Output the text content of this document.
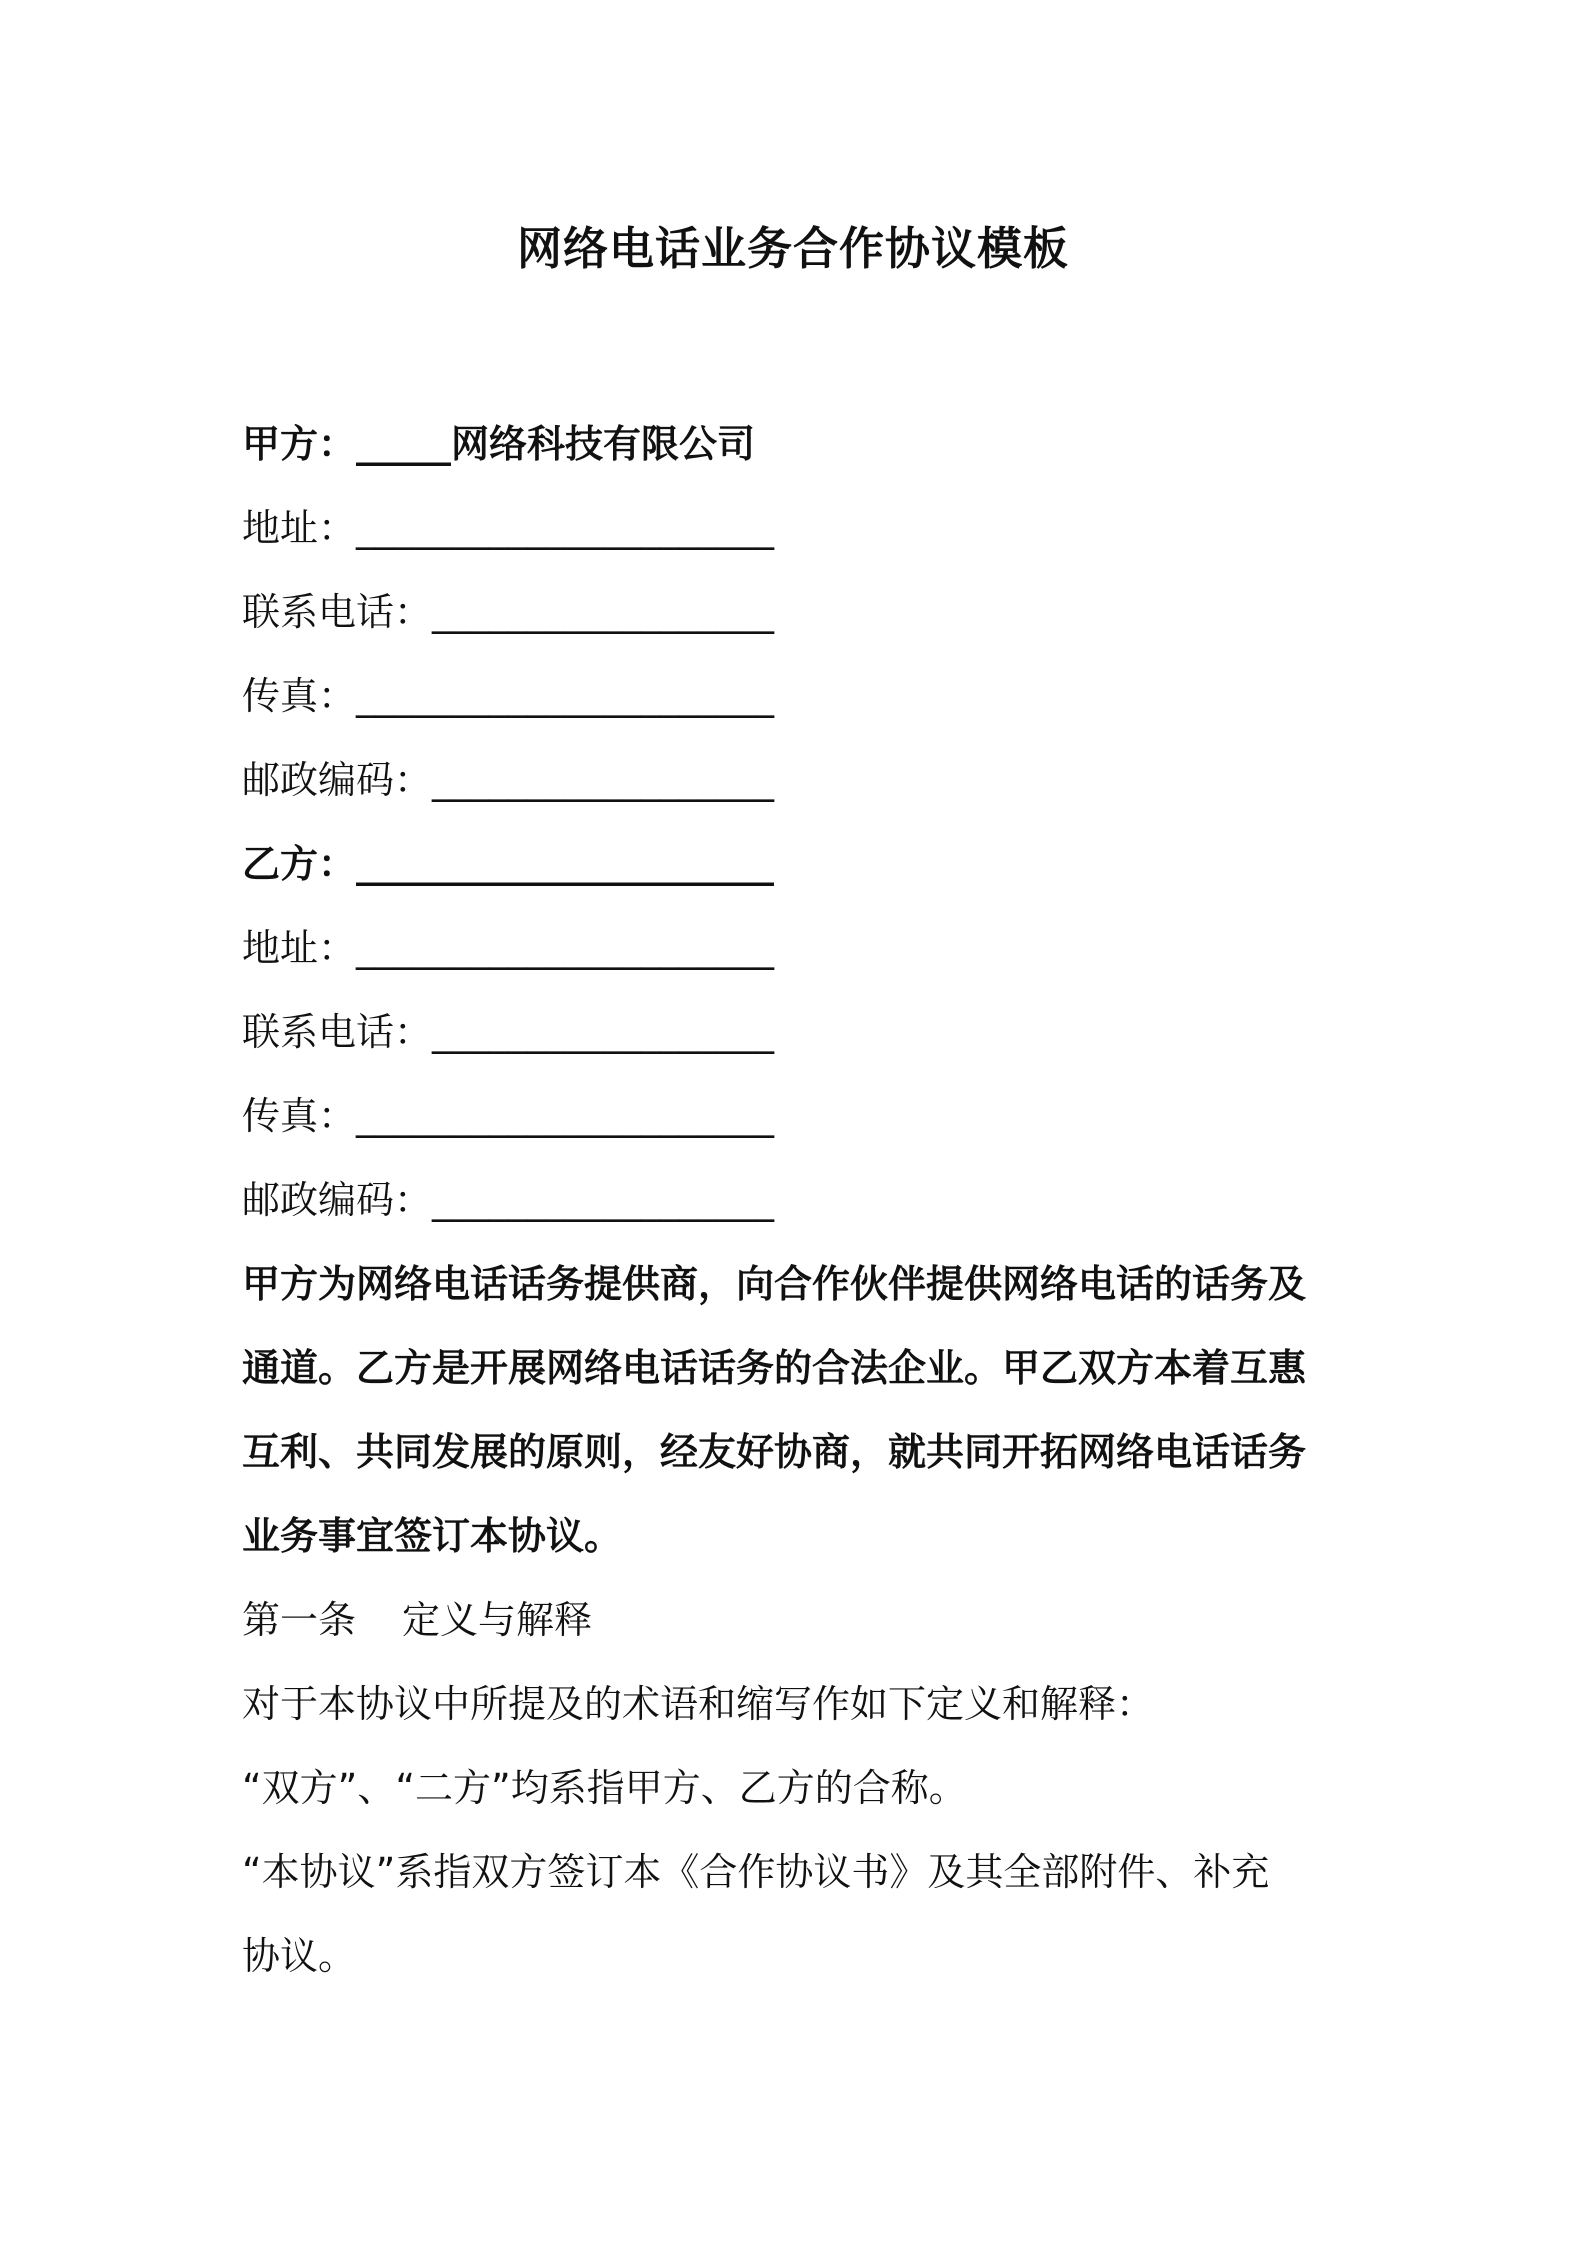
网络电话业务合作协议模板
甲方：_____网络科技有限公司
地址：______________________
联系电话：__________________
传真：______________________
邮政编码：__________________
乙方：______________________
地址：______________________
联系电话：__________________
传真：______________________
邮政编码：__________________
甲方为网络电话话务提供商，向合作伙伴提供网络电话的话务及
通道。乙方是开展网络电话话务的合法企业。甲乙双方本着互惠
互利、共同发展的原则，经友好协商，就共同开拓网络电话话务
业务事宜签订本协议。
第一条 定义与解释
对于本协议中所提及的术语和缩写作如下定义和解释：
“双方”、“二方”均系指甲方、乙方的合称。
“本协议”系指双方签订本《合作协议书》及其全部附件、补充
协议。
